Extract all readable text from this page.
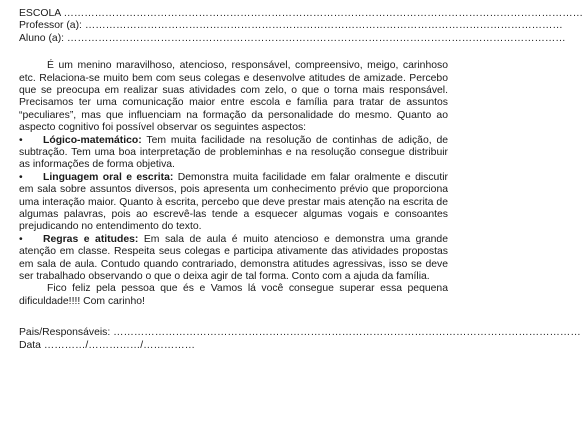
ESCOLA ……………………………………………………………………………………………………………………………………
Professor (a): …………………………………………………………………………………………………………………………
Aluno (a): ………………………………………………………………………………………………………………………………
É um menino maravilhoso, atencioso, responsável, compreensivo, meigo, carinhoso etc. Relaciona-se muito bem com seus colegas e desenvolve atitudes de amizade. Percebo que se preocupa em realizar suas atividades com zelo, o que o torna mais responsável. Precisamos ter uma comunicação maior entre escola e família para tratar de assuntos “peculiares”, mas que influenciam na formação da personalidade do mesmo. Quanto ao aspecto cognitivo foi possível observar os seguintes aspectos:
• Lógico-matemático: Tem muita facilidade na resolução de continhas de adição, de subtração. Tem uma boa interpretação de probleminhas e na resolução consegue distribuir as informações de forma objetiva.
• Linguagem oral e escrita: Demonstra muita facilidade em falar oralmente e discutir em sala sobre assuntos diversos, pois apresenta um conhecimento prévio que proporciona uma interação maior. Quanto à escrita, percebo que deve prestar mais atenção na escrita de algumas palavras, pois ao escrevê-las tende a esquecer algumas vogais e consoantes prejudicando no entendimento do texto.
• Regras e atitudes: Em sala de aula é muito atencioso e demonstra uma grande atenção em classe. Respeita seus colegas e participa ativamente das atividades propostas em sala de aula. Contudo quando contrariado, demonstra atitudes agressivas, isso se deve ser trabalhado observando o que o deixa agir de tal forma. Conto com a ajuda da família.
Fico feliz pela pessoa que és e Vamos lá você consegue superar essa pequena dificuldade!!!! Com carinho!
Pais/Responsáveis: ………………………………………………………………………………………………………………………
Data …………/……………/……………
